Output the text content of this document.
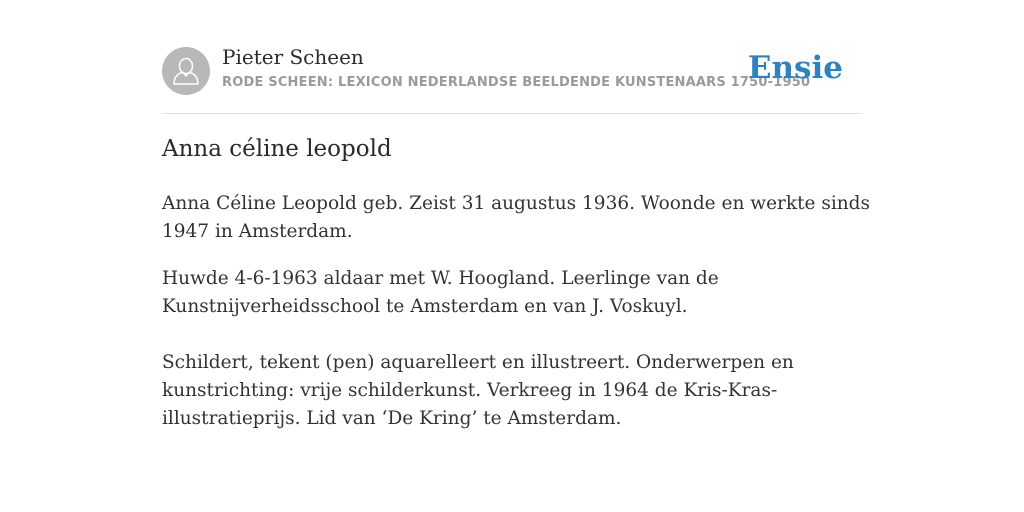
Pieter Scheen
RODE SCHEEN: LEXICON NEDERLANDSE BEELDENDE KUNSTENAARS 1750-1950
Ensie
Anna céline leopold

Anna Céline Leopold geb. Zeist 31 augustus 1936. Woonde en werkte sinds 1947 in Amsterdam.

Huwde 4-6-1963 aldaar met W. Hoogland. Leerlinge van de Kunstnijverheidsschool te Amsterdam en van J. Voskuyl.

Schildert, tekent (pen) aquarelleert en illustreert. Onderwerpen en kunstrichting: vrije schilderkunst. Verkreeg in 1964 de Kris-Kras-illustratieprijs. Lid van ‘De Kring’ te Amsterdam.
